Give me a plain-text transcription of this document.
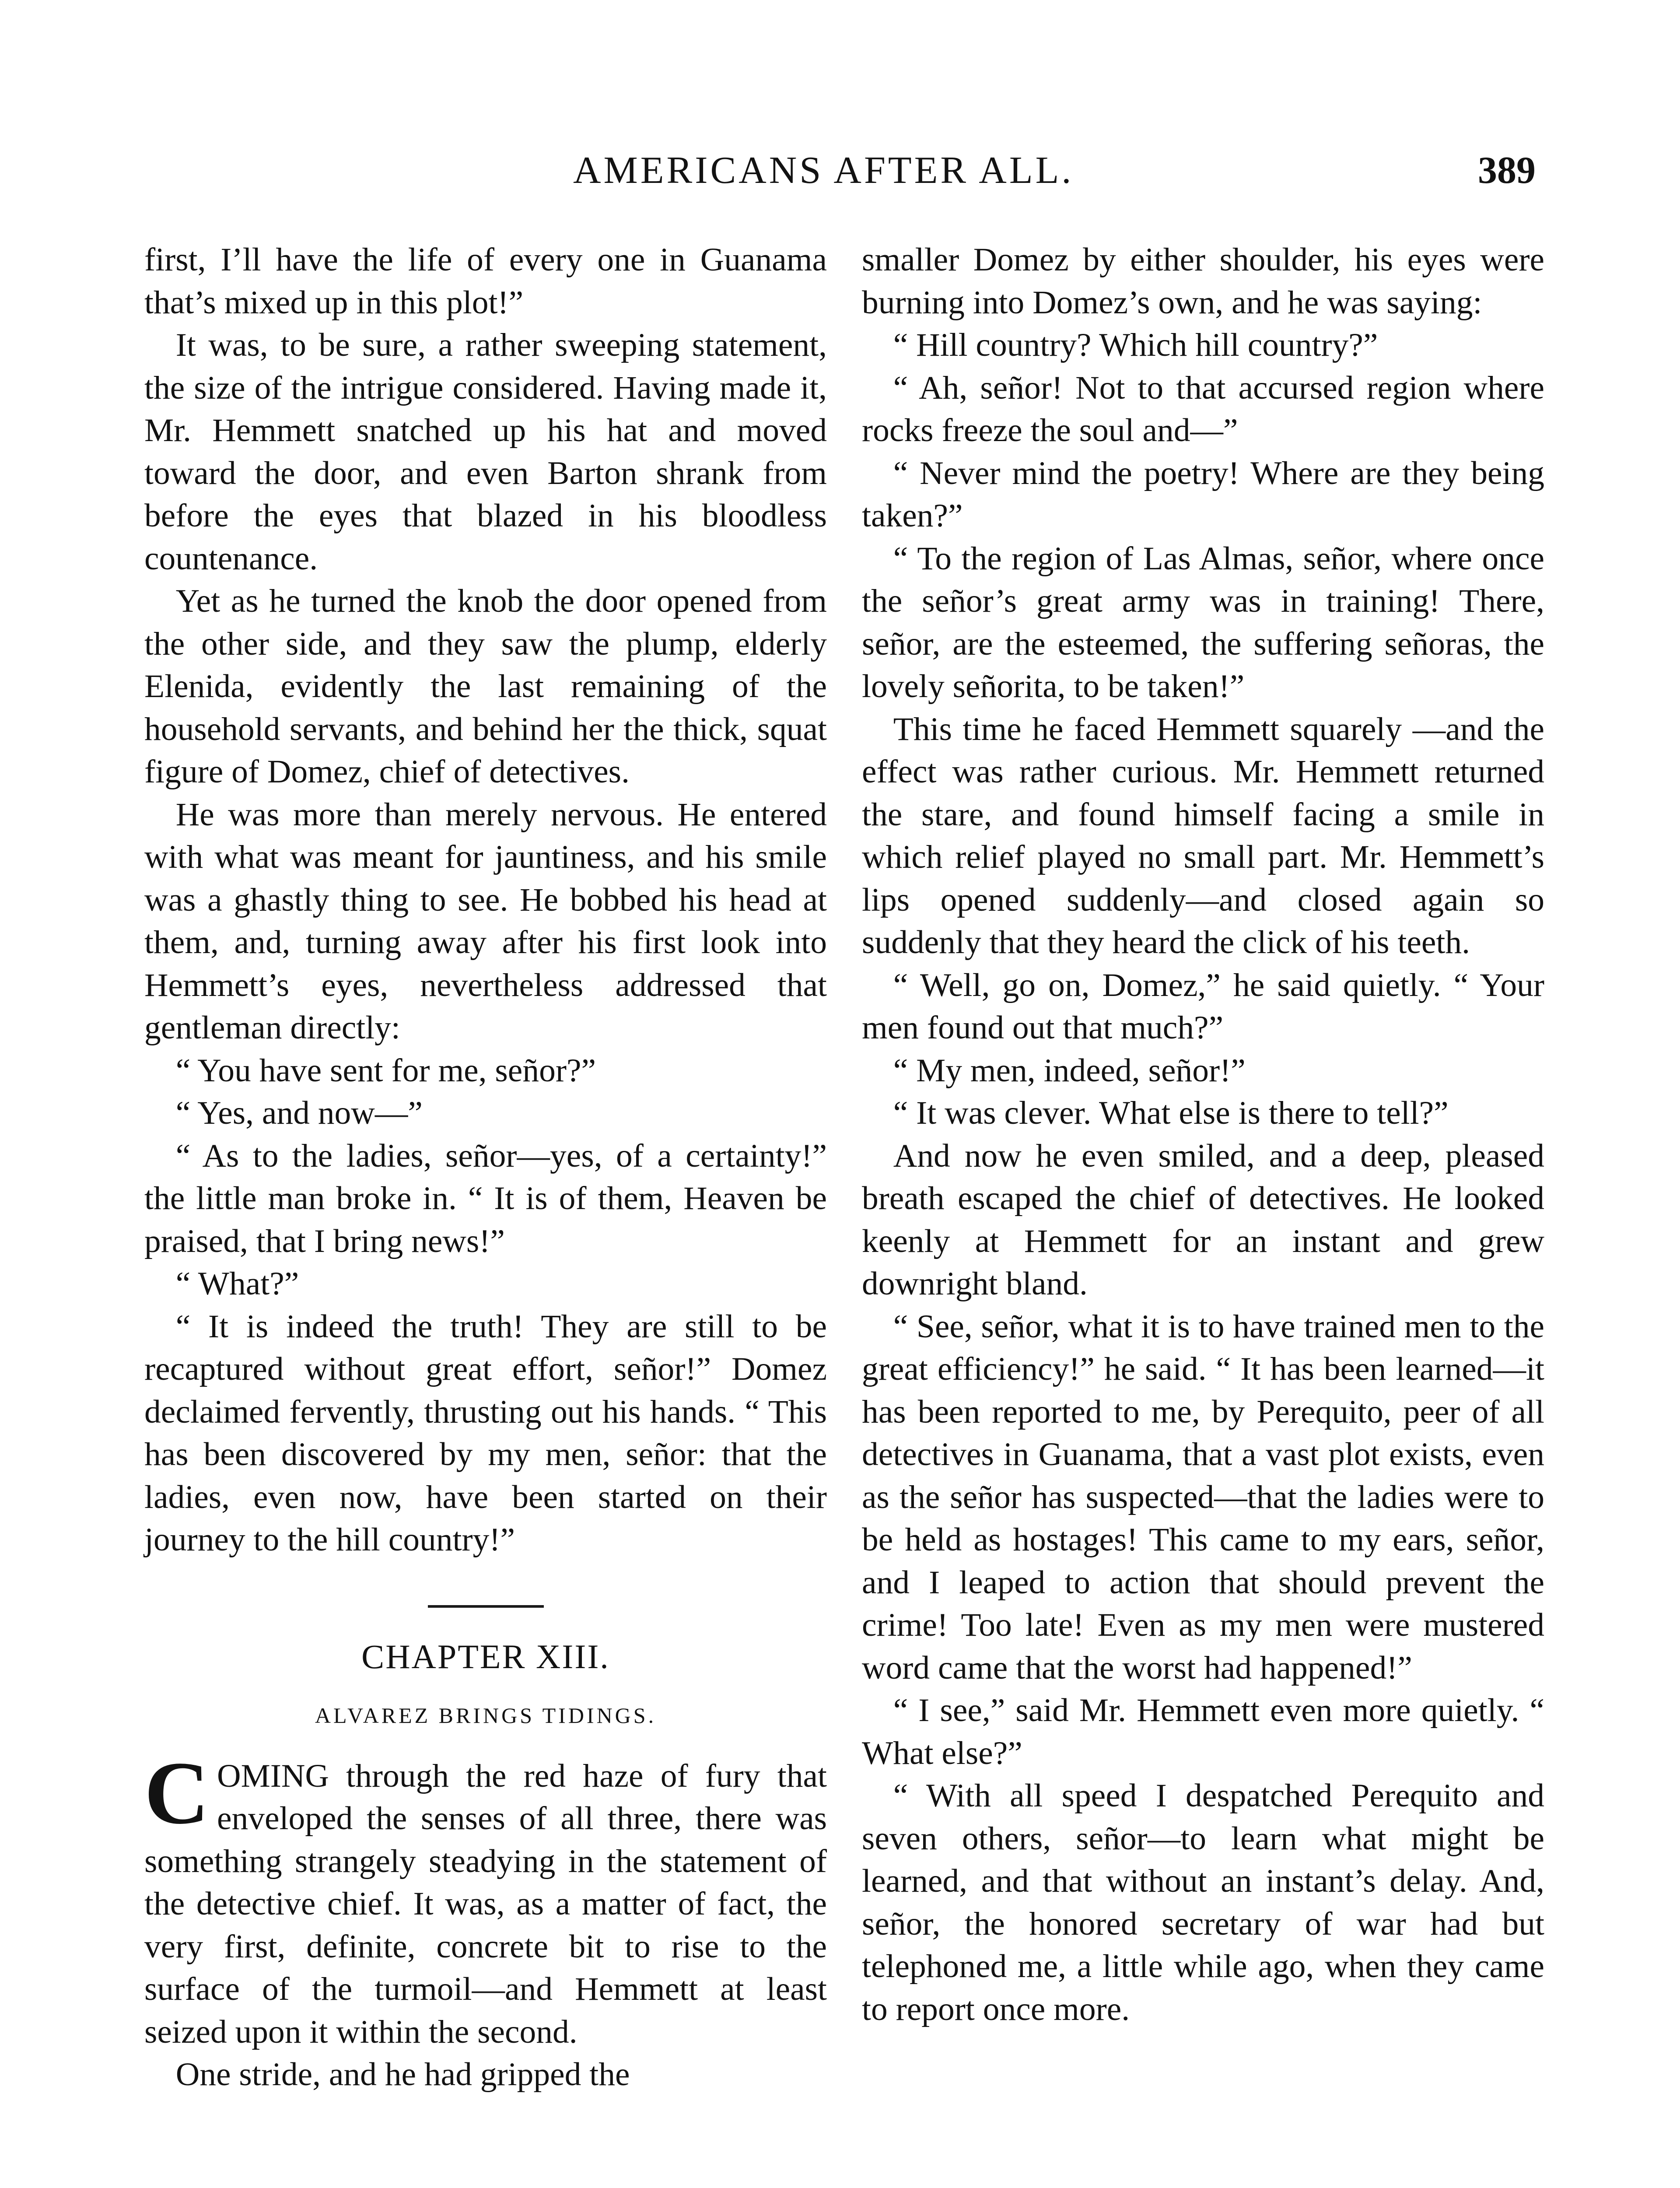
AMERICANS AFTER ALL.	389

first, I’ll have the life of every one in Guanama that’s mixed up in this plot!”

It was, to be sure, a rather sweeping statement, the size of the intrigue considered. Having made it, Mr. Hemmett snatched up his hat and moved toward the door, and even Barton shrank from before the eyes that blazed in his bloodless countenance.

Yet as he turned the knob the door opened from the other side, and they saw the plump, elderly Elenida, evidently the last remaining of the household servants, and behind her the thick, squat figure of Domez, chief of detectives.

He was more than merely nervous. He entered with what was meant for jauntiness, and his smile was a ghastly thing to see. He bobbed his head at them, and, turning away after his first look into Hemmett’s eyes, nevertheless addressed that gentleman directly:

“ You have sent for me, señor?”

“ Yes, and now—”

“ As to the ladies, señor—yes, of a certainty!” the little man broke in. “ It is of them, Heaven be praised, that I bring news!”

“ What?”

“ It is indeed the truth! They are still to be recaptured without great effort, señor!” Domez declaimed fervently, thrusting out his hands. “ This has been discovered by my men, señor: that the ladies, even now, have been started on their journey to the hill country!”

CHAPTER XIII.
ALVAREZ BRINGS TIDINGS.

COMING through the red haze of fury that enveloped the senses of all three, there was something strangely steadying in the statement of the detective chief. It was, as a matter of fact, the very first, definite, concrete bit to rise to the surface of the turmoil—and Hemmett at least seized upon it within the second.

One stride, and he had gripped the

smaller Domez by either shoulder, his eyes were burning into Domez’s own, and he was saying:

“ Hill country? Which hill country?”

“ Ah, señor! Not to that accursed region where rocks freeze the soul and—”

“ Never mind the poetry! Where are they being taken?”

“ To the region of Las Almas, señor, where once the señor’s great army was in training! There, señor, are the esteemed, the suffering señoras, the lovely señorita, to be taken!”

This time he faced Hemmett squarely —and the effect was rather curious. Mr. Hemmett returned the stare, and found himself facing a smile in which relief played no small part. Mr. Hemmett’s lips opened suddenly—and closed again so suddenly that they heard the click of his teeth.

“ Well, go on, Domez,” he said quietly. “ Your men found out that much?”

“ My men, indeed, señor!”

“ It was clever. What else is there to tell?”

And now he even smiled, and a deep, pleased breath escaped the chief of detectives. He looked keenly at Hemmett for an instant and grew downright bland.

“ See, señor, what it is to have trained men to the great efficiency!” he said. “ It has been learned—it has been reported to me, by Perequito, peer of all detectives in Guanama, that a vast plot exists, even as the señor has suspected—that the ladies were to be held as hostages! This came to my ears, señor, and I leaped to action that should prevent the crime! Too late! Even as my men were mustered word came that the worst had happened!”

“ I see,” said Mr. Hemmett even more quietly. “ What else?”

“ With all speed I despatched Perequito and seven others, señor—to learn what might be learned, and that without an instant’s delay. And, señor, the honored secretary of war had but telephoned me, a little while ago, when they came to report once more.
